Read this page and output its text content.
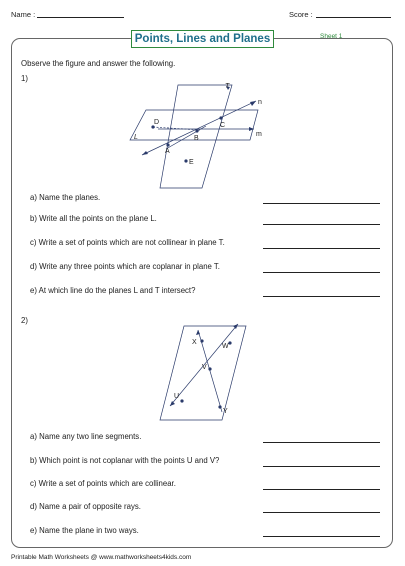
Name :	Score :
Points, Lines and Planes	Sheet 1
Observe the figure and answer the following.
1)
T
n
m
L
D	C
B
A
E
a) Name the planes.
b) Write all the points on the plane L.
c) Write a set of points which are not collinear in plane T.
d) Write any three points which are coplanar in plane T.
e) At which line do the planes L and T intersect?
2)
X
W
V
U
Y
a) Name any two line segments.
b) Which point is not coplanar with the points U and V?
c) Write a set of points which are collinear.
d) Name a pair of opposite rays.
e) Name the plane in two ways.
Printable Math Worksheets @ www.mathworksheets4kids.com
